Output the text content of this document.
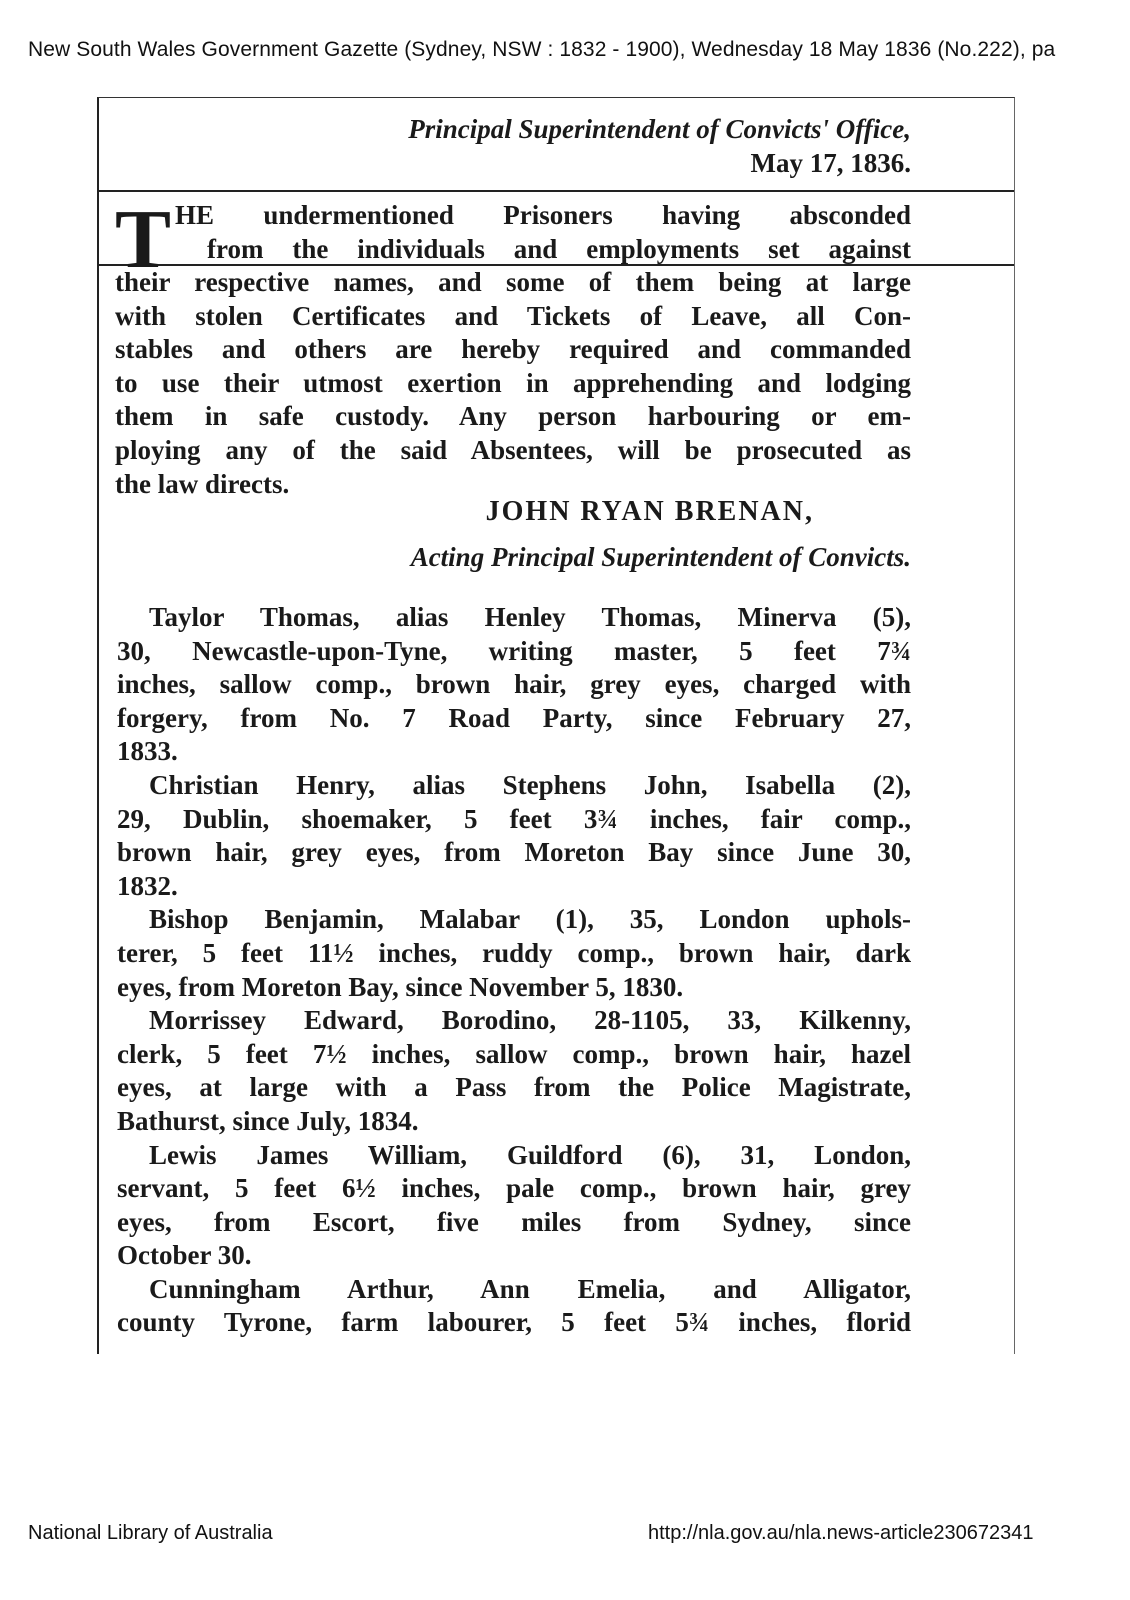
New South Wales Government Gazette (Sydney, NSW : 1832 - 1900), Wednesday 18 May 1836 (No.222), pa
Principal Superintendent of Convicts' Office,
May 17, 1836.
T HE undermentioned Prisoners having absconded
from the individuals and employments set against
their respective names, and some of them being at large
with stolen Certificates and Tickets of Leave, all Con-
stables and others are hereby required and commanded
to use their utmost exertion in apprehending and lodging
them in safe custody. Any person harbouring or em-
ploying any of the said Absentees, will be prosecuted as
the law directs.
JOHN RYAN BRENAN,
Acting Principal Superintendent of Convicts.
Taylor Thomas, alias Henley Thomas, Minerva (5),
30, Newcastle-upon-Tyne, writing master, 5 feet 7¾
inches, sallow comp., brown hair, grey eyes, charged with
forgery, from No. 7 Road Party, since February 27,
1833.
Christian Henry, alias Stephens John, Isabella (2),
29, Dublin, shoemaker, 5 feet 3¾ inches, fair comp.,
brown hair, grey eyes, from Moreton Bay since June 30,
1832.
Bishop Benjamin, Malabar (1), 35, London uphols-
terer, 5 feet 11½ inches, ruddy comp., brown hair, dark
eyes, from Moreton Bay, since November 5, 1830.
Morrissey Edward, Borodino, 28-1105, 33, Kilkenny,
clerk, 5 feet 7½ inches, sallow comp., brown hair, hazel
eyes, at large with a Pass from the Police Magistrate,
Bathurst, since July, 1834.
Lewis James William, Guildford (6), 31, London,
servant, 5 feet 6½ inches, pale comp., brown hair, grey
eyes, from Escort, five miles from Sydney, since
October 30.
Cunningham Arthur, Ann Emelia, and Alligator,
county Tyrone, farm labourer, 5 feet 5¾ inches, florid
National Library of Australia	http://nla.gov.au/nla.news-article230672341
